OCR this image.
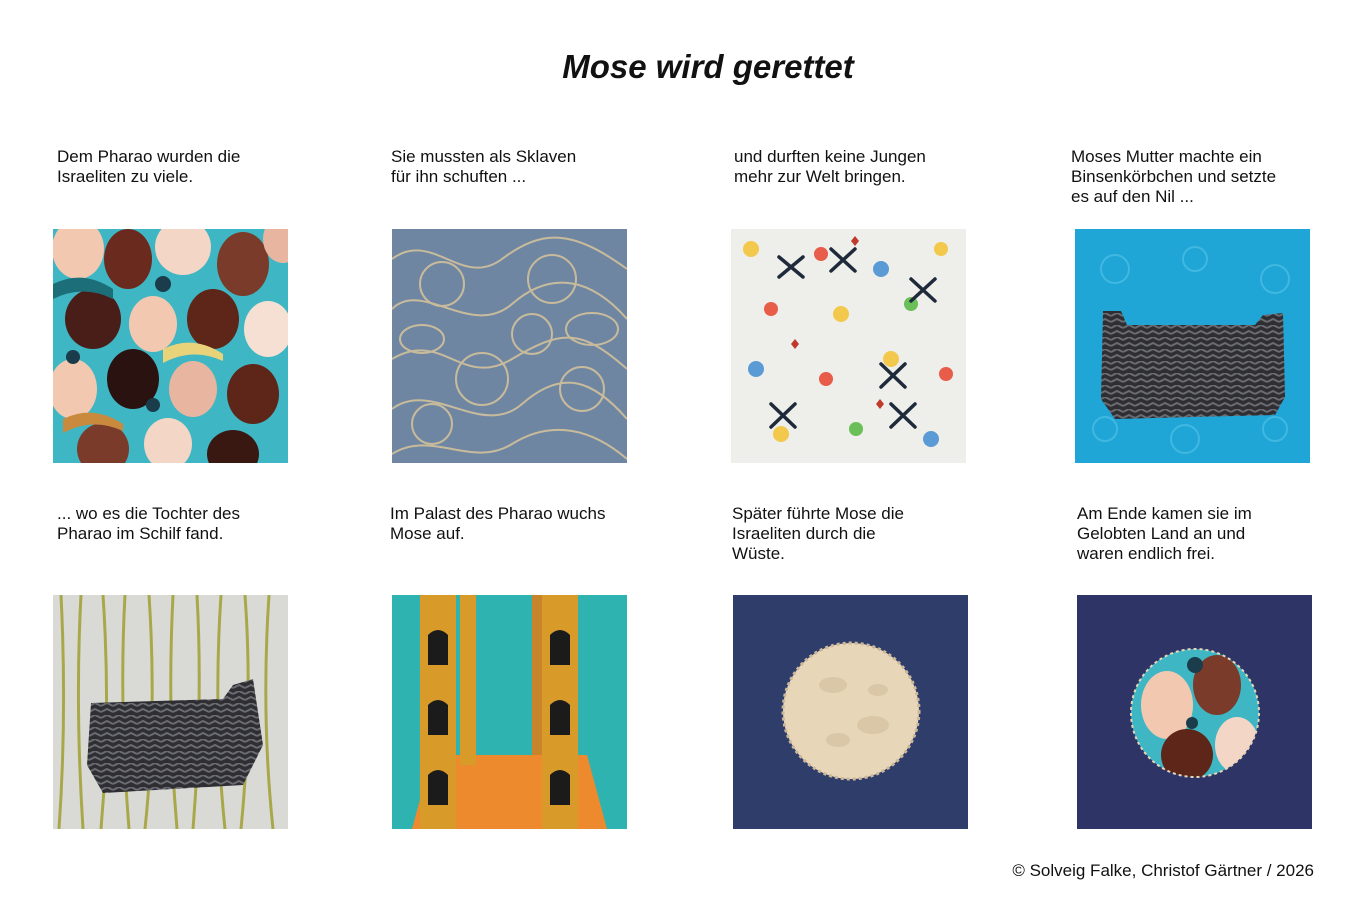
Mose wird gerettet

Dem Pharao wurden die
Israeliten zu viele.

Sie mussten als Sklaven
für ihn schuften ...

und durften keine Jungen
mehr zur Welt bringen.

Moses Mutter machte ein
Binsenkörbchen und setzte
es auf den Nil ...

... wo es die Tochter des
Pharao im Schilf fand.

Im Palast des Pharao wuchs
Mose auf.

Später führte Mose die
Israeliten durch die
Wüste.

Am Ende kamen sie im
Gelobten Land an und
waren endlich frei.

© Solveig Falke, Christof Gärtner / 2026
